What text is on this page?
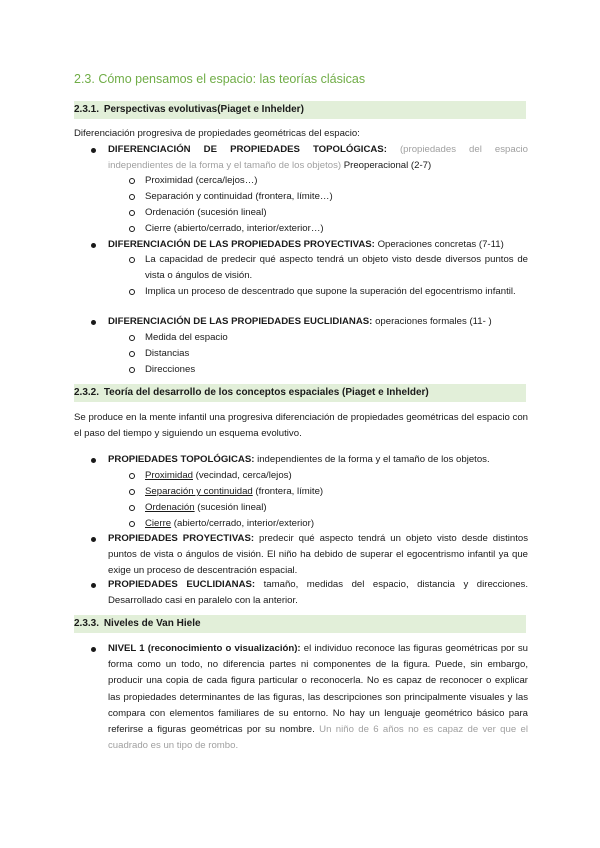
2.3. Cómo pensamos el espacio: las teorías clásicas
2.3.1. Perspectivas evolutivas(Piaget e Inhelder)
Diferenciación progresiva de propiedades geométricas del espacio:
DIFERENCIACIÓN DE PROPIEDADES TOPOLÓGICAS: (propiedades del espacio independientes de la forma y el tamaño de los objetos) Preoperacional (2-7)
Proximidad (cerca/lejos…)
Separación y continuidad (frontera, límite…)
Ordenación (sucesión lineal)
Cierre (abierto/cerrado, interior/exterior…)
DIFERENCIACIÓN DE LAS PROPIEDADES PROYECTIVAS: Operaciones concretas (7-11)
La capacidad de predecir qué aspecto tendrá un objeto visto desde diversos puntos de vista o ángulos de visión.
Implica un proceso de descentrado que supone la superación del egocentrismo infantil.
DIFERENCIACIÓN DE LAS PROPIEDADES EUCLIDIANAS: operaciones formales (11- )
Medida del espacio
Distancias
Direcciones
2.3.2. Teoría del desarrollo de los conceptos espaciales (Piaget e Inhelder)
Se produce en la mente infantil una progresiva diferenciación de propiedades geométricas del espacio con el paso del tiempo y siguiendo un esquema evolutivo.
PROPIEDADES TOPOLÓGICAS: independientes de la forma y el tamaño de los objetos.
Proximidad (vecindad, cerca/lejos)
Separación y continuidad (frontera, límite)
Ordenación (sucesión lineal)
Cierre (abierto/cerrado, interior/exterior)
PROPIEDADES PROYECTIVAS: predecir qué aspecto tendrá un objeto visto desde distintos puntos de vista o ángulos de visión. El niño ha debido de superar el egocentrismo infantil ya que exige un proceso de descentración espacial.
PROPIEDADES EUCLIDIANAS: tamaño, medidas del espacio, distancia y direcciones. Desarrollado casi en paralelo con la anterior.
2.3.3. Niveles de Van Hiele
NIVEL 1 (reconocimiento o visualización): el individuo reconoce las figuras geométricas por su forma como un todo, no diferencia partes ni componentes de la figura. Puede, sin embargo, producir una copia de cada figura particular o reconocerla. No es capaz de reconocer o explicar las propiedades determinantes de las figuras, las descripciones son principalmente visuales y las compara con elementos familiares de su entorno. No hay un lenguaje geométrico básico para referirse a figuras geométricas por su nombre. Un niño de 6 años no es capaz de ver que el cuadrado es un tipo de rombo.
